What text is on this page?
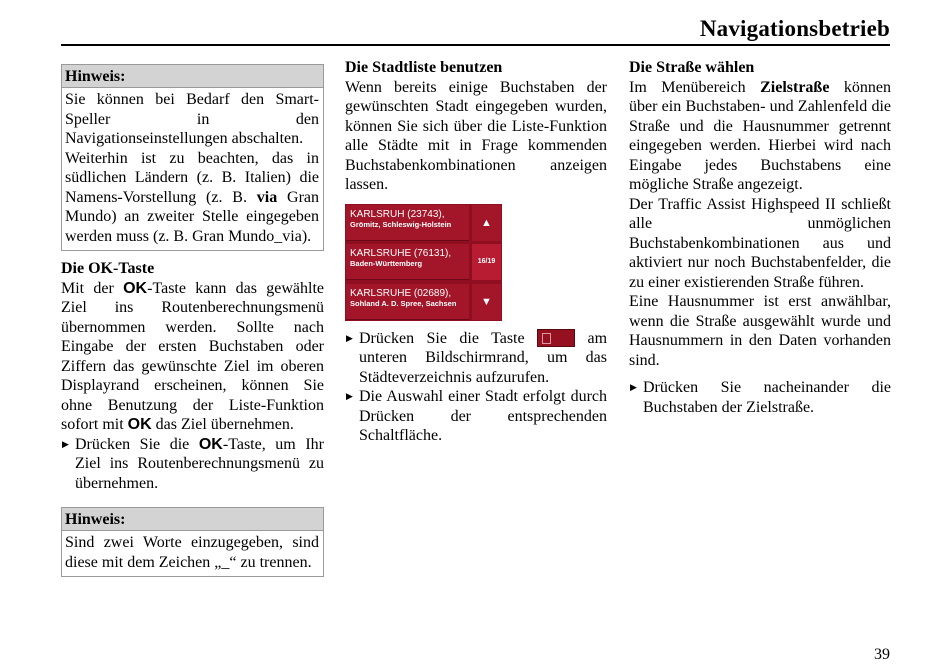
Navigationsbetrieb
Hinweis:

Sie können bei Bedarf den Smart-Speller in den Navigationseinstellungen abschalten.

Weiterhin ist zu beachten, das in südlichen Ländern (z. B. Italien) die Namens-Vorstellung (z. B. via Gran Mundo) an zweiter Stelle eingegeben werden muss (z. B. Gran Mundo_via).

Die OK-Taste

Mit der OK-Taste kann das gewählte Ziel ins Routenberechnungsmenü übernommen werden. Sollte nach Eingabe der ersten Buchstaben oder Ziffern das gewünschte Ziel im oberen Displayrand erscheinen, können Sie ohne Benutzung der Liste-Funktion sofort mit OK das Ziel übernehmen.

▶ Drücken Sie die OK-Taste, um Ihr Ziel ins Routenberechnungsmenü zu übernehmen.

Hinweis:

Sind zwei Worte einzugegeben, sind diese mit dem Zeichen „_“ zu trennen.

Die Stadtliste benutzen

Wenn bereits einige Buchstaben der gewünschten Stadt eingegeben wurden, können Sie sich über die Liste-Funktion alle Städte mit in Frage kommenden Buchstabenkombinationen anzeigen lassen.

KARLSRUH (23743),
Grömitz, Schleswig-Holstein
KARLSRUHE (76131),
Baden-Württemberg
KARLSRUHE (02689),
Sohland A. D. Spree, Sachsen
▲
16/19
▼

▶ Drücken Sie die Taste	am unteren Bildschirmrand, um das Städteverzeichnis aufzurufen.

▶ Die Auswahl einer Stadt erfolgt durch Drücken der entsprechenden Schaltfläche.

Die Straße wählen

Im Menübereich Zielstraße können über ein Buchstaben- und Zahlenfeld die Straße und die Hausnummer getrennt eingegeben werden. Hierbei wird nach Eingabe jedes Buchstabens eine mögliche Straße angezeigt.

Der Traffic Assist Highspeed II schließt alle unmöglichen Buchstabenkombinationen aus und aktiviert nur noch Buchstabenfelder, die zu einer existierenden Straße führen.

Eine Hausnummer ist erst anwählbar, wenn die Straße ausgewählt wurde und Hausnummern in den Daten vorhanden sind.

▶ Drücken Sie nacheinander die Buchstaben der Zielstraße.

39
